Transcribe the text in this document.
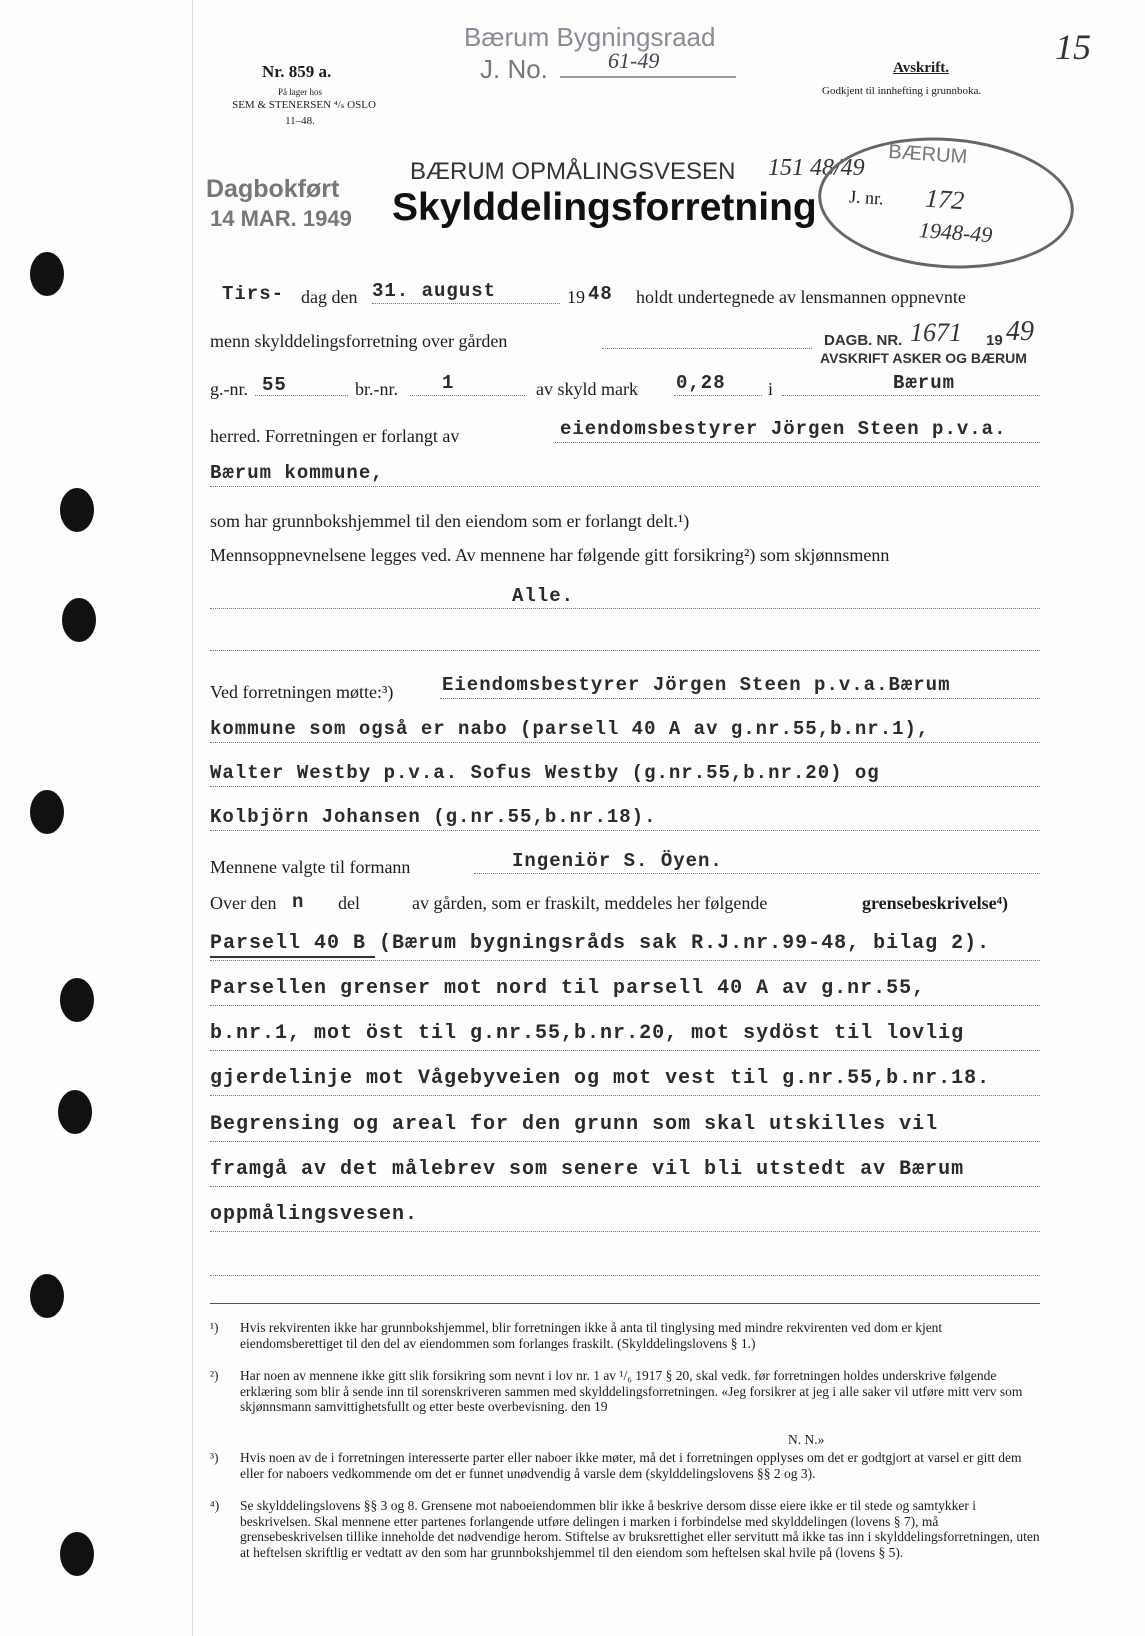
Nr. 859 a.
På lager hos
SEM & STENERSEN ⁴/ₛ OSLO
11–48.
Bærum Bygningsraad
J. No.	61-49	15
Avskrift.
Godkjent til innhefting i grunnboka.
BÆRUM OPMÅLINGSVESEN 151 48/49
Dagbokført
14 MAR. 1949 Skylddelingsforretning
BÆRUM
J. nr. 172
1948-49
Tirs- dag den 31. august	19 48 holdt undertegnede av lensmannen oppnevnte
menn skylddelingsforretning over gården	DAGB. NR. 1671 19 49
AVSKRIFT ASKER OG BÆRUM
g.-nr. 55	br.-nr. 1	av skyld mark 0,28 i	Bærum
herred. Forretningen er forlangt av	eiendomsbestyrer Jörgen Steen p.v.a.
Bærum kommune,
som har grunnbokshjemmel til den eiendom som er forlangt delt.¹)
Mennsoppnevnelsene legges ved. Av mennene har følgende gitt forsikring²) som skjønnsmenn
Alle.
Ved forretningen møtte:³)	Eiendomsbestyrer Jörgen Steen p.v.a.Bærum
kommune som også er nabo (parsell 40 A av g.nr.55,b.nr.1),
Walter Westby p.v.a. Sofus Westby (g.nr.55,b.nr.20) og
Kolbjörn Johansen (g.nr.55,b.nr.18).
Mennene valgte til formann	Ingeniör S. Öyen.
Over den n del	av gården, som er fraskilt, meddeles her følgende	grensebeskrivelse⁴)
Parsell 40 B (Bærum bygningsråds sak R.J.nr.99-48, bilag 2).
Parsellen grenser mot nord til parsell 40 A av g.nr.55,
b.nr.1, mot öst til g.nr.55,b.nr.20, mot sydöst til lovlig
gjerdelinje mot Vågebyveien og mot vest til g.nr.55,b.nr.18.
Begrensing og areal for den grunn som skal utskilles vil
framgå av det målebrev som senere vil bli utstedt av Bærum
oppmålingsvesen.
¹) Hvis rekvirenten ikke har grunnbokshjemmel, blir forretningen ikke å anta til tinglysing med mindre rekvirenten ved dom er kjent eiendomsberettiget til den del av eiendommen som forlanges fraskilt. (Skylddelingslovens § 1.)
²) Har noen av mennene ikke gitt slik forsikring som nevnt i lov nr. 1 av ¹/₆ 1917 § 20, skal vedk. før forretningen holdes underskrive følgende erklæring som blir å sende inn til sorenskriveren sammen med skylddelingsforretningen. «Jeg forsikrer at jeg i alle saker vil utføre mitt verv som skjønnsmann samvittighetsfullt og etter beste overbevisning. den 19
N. N.»
³) Hvis noen av de i forretningen interesserte parter eller naboer ikke møter, må det i forretningen opplyses om det er godtgjort at varsel er gitt dem eller for naboers vedkommende om det er funnet unødvendig å varsle dem (skylddelingslovens §§ 2 og 3).
⁴) Se skylddelingslovens §§ 3 og 8. Grensene mot naboeiendommen blir ikke å beskrive dersom disse eiere ikke er til stede og samtykker i beskrivelsen. Skal mennene etter partenes forlangende utføre delingen i marken i forbindelse med skylddelingen (lovens § 7), må grensebeskrivelsen tillike inneholde det nødvendige herom. Stiftelse av bruksrettighet eller servitutt må ikke tas inn i skylddelingsforretningen, uten at heftelsen skriftlig er vedtatt av den som har grunnbokshjemmel til den eiendom som heftelsen skal hvile på (lovens § 5).
